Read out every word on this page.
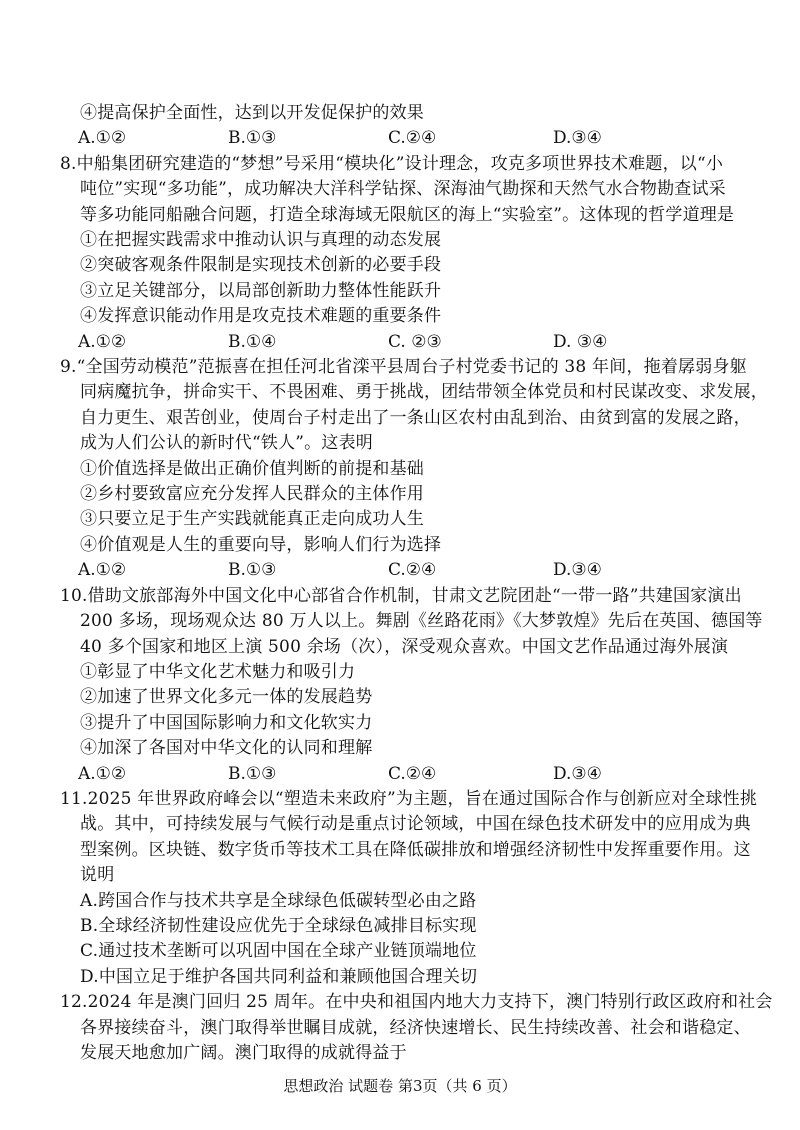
④提高保护全面性，达到以开发促保护的效果
A.①②	B.①③	C.②④	D.③④
8.中船集团研究建造的“梦想”号采用“模块化”设计理念，攻克多项世界技术难题，以“小
吨位”实现“多功能”，成功解决大洋科学钻探、深海油气勘探和天然气水合物勘查试采
等多功能同船融合问题，打造全球海域无限航区的海上“实验室”。这体现的哲学道理是
①在把握实践需求中推动认识与真理的动态发展
②突破客观条件限制是实现技术创新的必要手段
③立足关键部分，以局部创新助力整体性能跃升
④发挥意识能动作用是攻克技术难题的重要条件
A.①②	B.①④	C. ②③	D. ③④
9.“全国劳动模范”范振喜在担任河北省滦平县周台子村党委书记的 38 年间，拖着孱弱身躯
同病魔抗争，拼命实干、不畏困难、勇于挑战，团结带领全体党员和村民谋改变、求发展，
自力更生、艰苦创业，使周台子村走出了一条山区农村由乱到治、由贫到富的发展之路，
成为人们公认的新时代“铁人”。这表明
①价值选择是做出正确价值判断的前提和基础
②乡村要致富应充分发挥人民群众的主体作用
③只要立足于生产实践就能真正走向成功人生
④价值观是人生的重要向导，影响人们行为选择
A.①②	B.①③	C.②④	D.③④
10.借助文旅部海外中国文化中心部省合作机制，甘肃文艺院团赴“一带一路”共建国家演出
200 多场，现场观众达 80 万人以上。舞剧《丝路花雨》《大梦敦煌》先后在英国、德国等
40 多个国家和地区上演 500 余场（次），深受观众喜欢。中国文艺作品通过海外展演
①彰显了中华文化艺术魅力和吸引力
②加速了世界文化多元一体的发展趋势
③提升了中国国际影响力和文化软实力
④加深了各国对中华文化的认同和理解
A.①②	B.①③	C.②④	D.③④
11.2025 年世界政府峰会以“塑造未来政府”为主题，旨在通过国际合作与创新应对全球性挑
战。其中，可持续发展与气候行动是重点讨论领域，中国在绿色技术研发中的应用成为典
型案例。区块链、数字货币等技术工具在降低碳排放和增强经济韧性中发挥重要作用。这
说明
A.跨国合作与技术共享是全球绿色低碳转型必由之路
B.全球经济韧性建设应优先于全球绿色减排目标实现
C.通过技术垄断可以巩固中国在全球产业链顶端地位
D.中国立足于维护各国共同利益和兼顾他国合理关切
12.2024 年是澳门回归 25 周年。在中央和祖国内地大力支持下，澳门特别行政区政府和社会
各界接续奋斗，澳门取得举世瞩目成就，经济快速增长、民生持续改善、社会和谐稳定、
发展天地愈加广阔。澳门取得的成就得益于
思想政治 试题卷 第3页（共 6 页）
